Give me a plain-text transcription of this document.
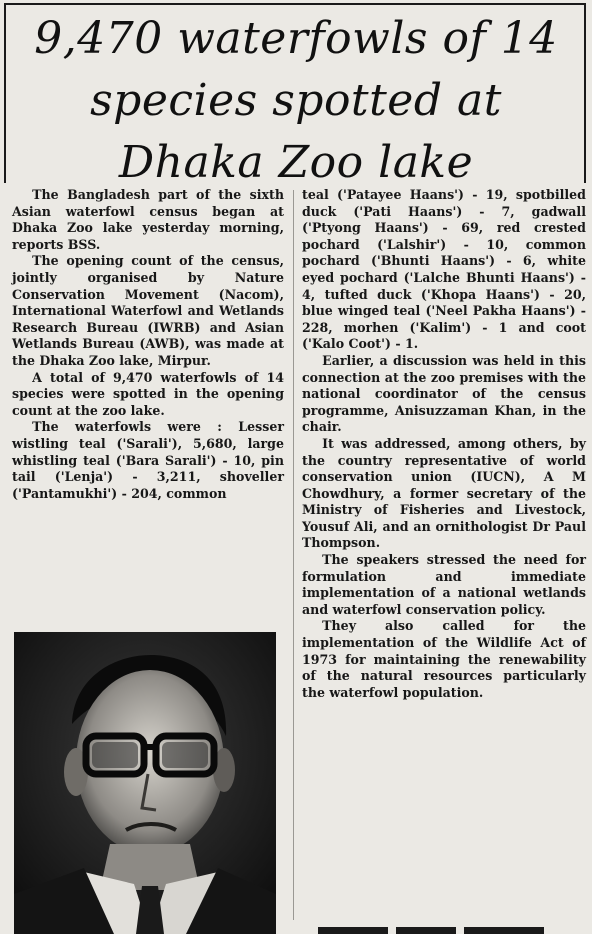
9,470 waterfowls of 14
species spotted at
Dhaka Zoo lake

The Bangladesh part of the sixth Asian waterfowl census began at Dhaka Zoo lake yesterday morning, reports BSS.

The opening count of the census, jointly organised by Nature Conservation Movement (Nacom), International Waterfowl and Wetlands Research Bureau (IWRB) and Asian Wetlands Bureau (AWB), was made at the Dhaka Zoo lake, Mirpur.

A total of 9,470 waterfowls of 14 species were spotted in the opening count at the zoo lake.

The waterfowls were : Lesser wistling teal ('Sarali'), 5,680, large whistling teal ('Bara Sarali') - 10, pin tail ('Lenja') - 3,211, shoveller ('Pantamukhi') - 204, common

teal ('Patayee Haans') - 19, spotbilled duck ('Pati Haans') - 7, gadwall ('Ptyong Haans') - 69, red crested pochard ('Lalshir') - 10, common pochard ('Bhunti Haans') - 6, white eyed pochard ('Lalche Bhunti Haans') - 4, tufted duck ('Khopa Haans') - 20, blue winged teal ('Neel Pakha Haans') - 228, morhen ('Kalim') - 1 and coot ('Kalo Coot') - 1.

Earlier, a discussion was held in this connection at the zoo premises with the national coordinator of the census programme, Anisuzzaman Khan, in the chair.

It was addressed, among others, by the country representative of world conservation union (IUCN), A M Chowdhury, a former secretary of the Ministry of Fisheries and Livestock, Yousuf Ali, and an ornithologist Dr Paul Thompson.

The speakers stressed the need for formulation and immediate implementation of a national wetlands and waterfowl conservation policy.

They also called for the implementation of the Wildlife Act of 1973 for maintaining the renewability of the natural resources particularly the waterfowl population.
